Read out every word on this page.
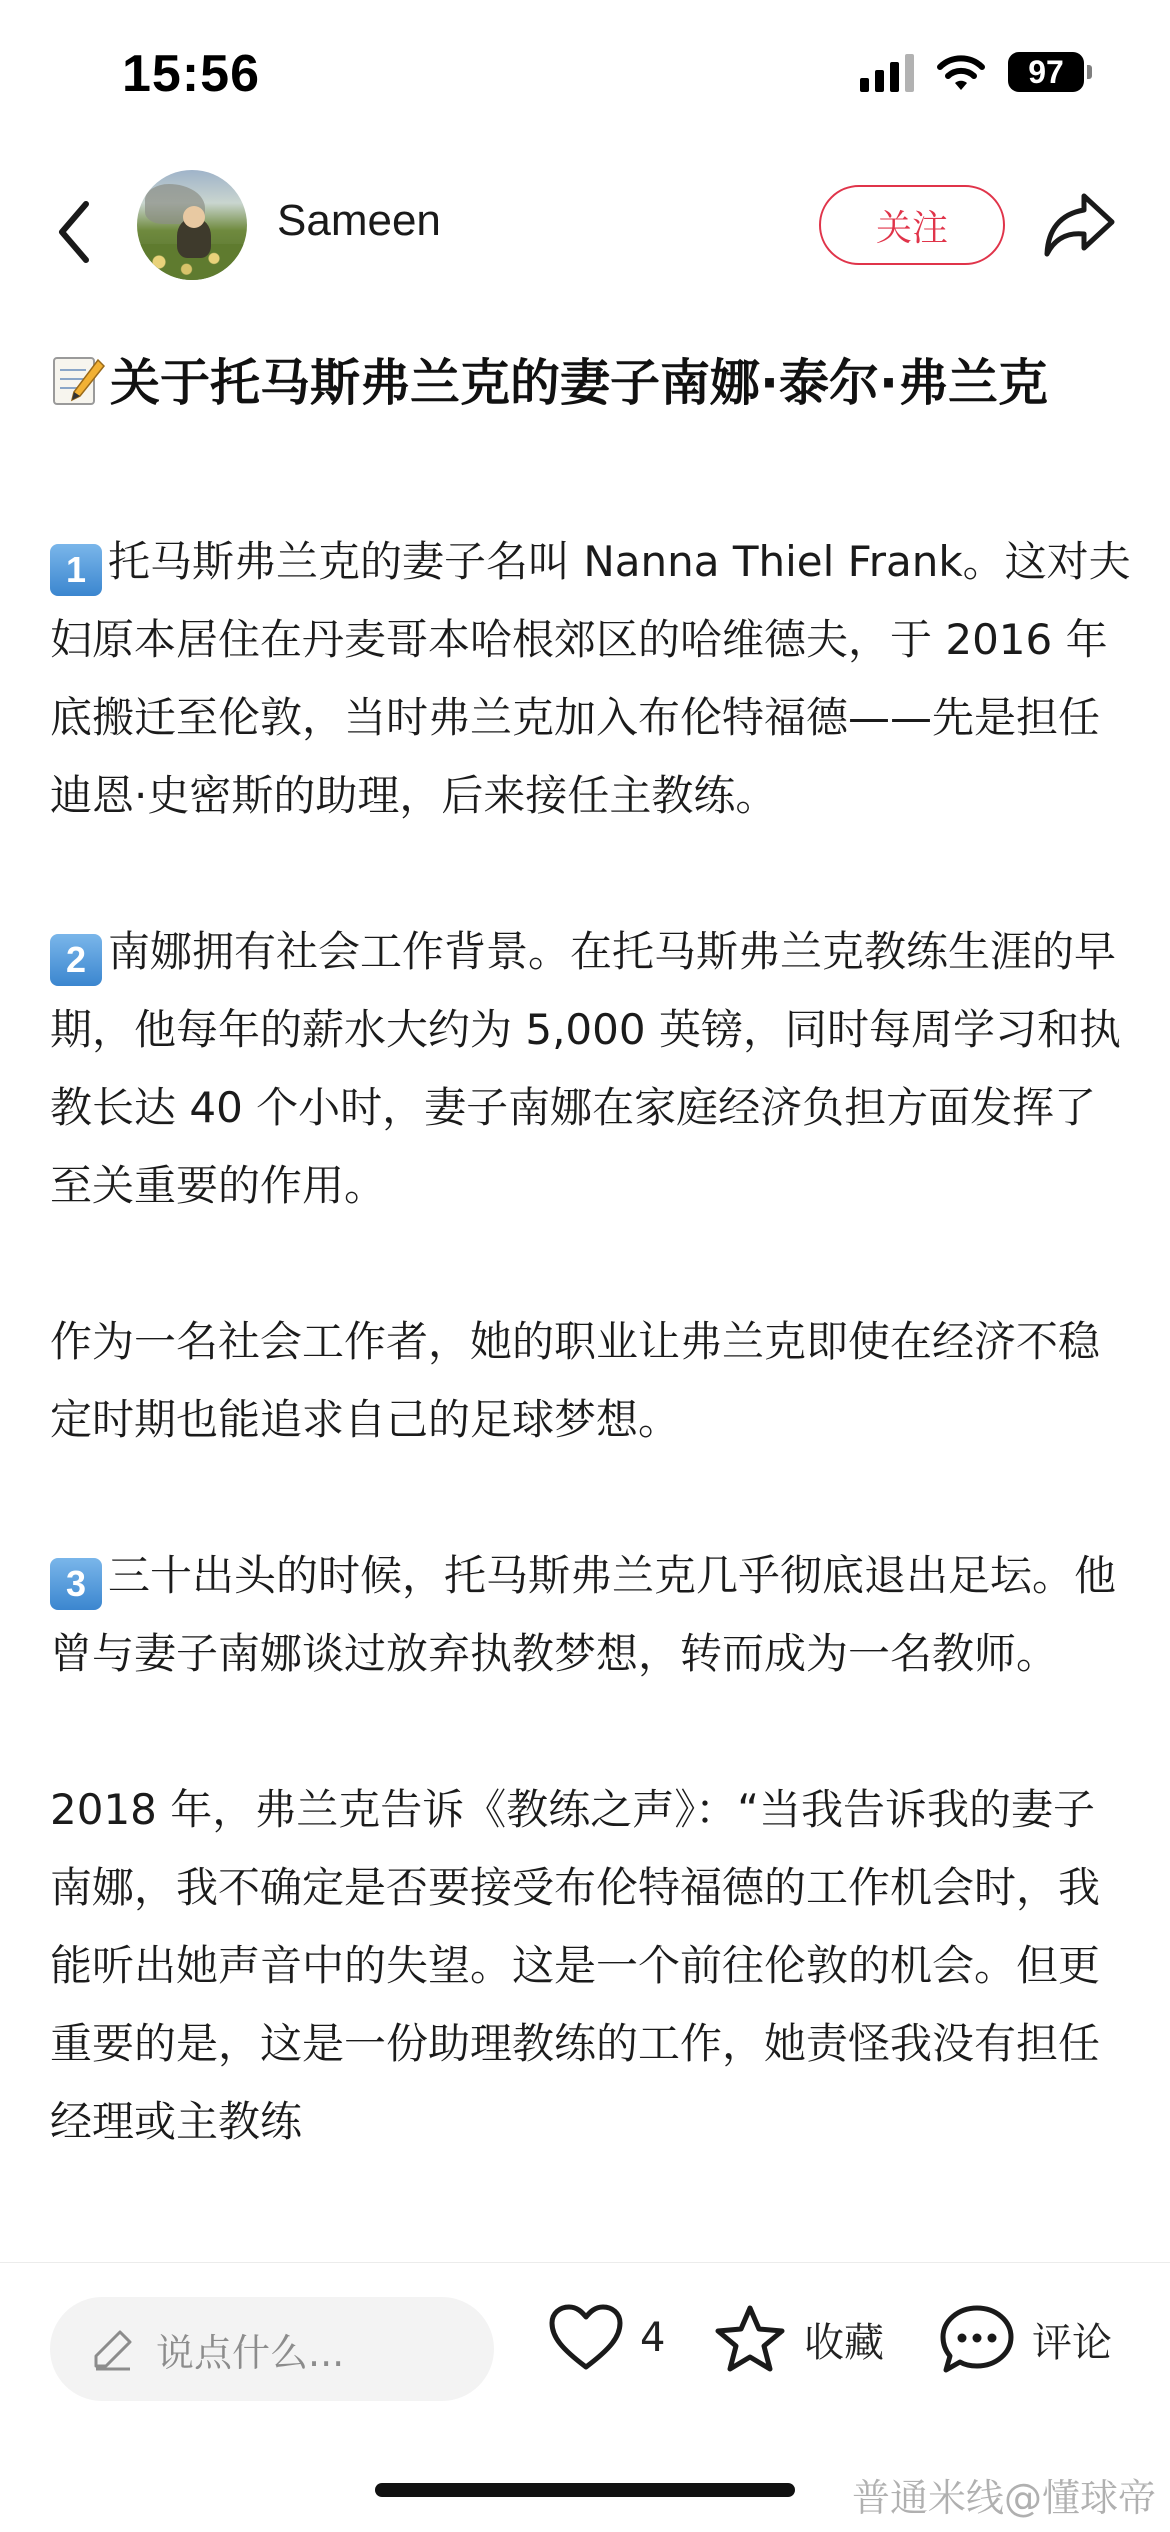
15:56	97
Sameen	关注
关于托马斯弗兰克的妻子南娜·泰尔·弗兰克

1 托马斯弗兰克的妻子名叫 Nanna Thiel Frank。这对夫妇原本居住在丹麦哥本哈根郊区的哈维德夫，于 2016 年底搬迁至伦敦，当时弗兰克加入布伦特福德——先是担任迪恩·史密斯的助理，后来接任主教练。

2 南娜拥有社会工作背景。在托马斯弗兰克教练生涯的早期，他每年的薪水大约为 5,000 英镑，同时每周学习和执教长达 40 个小时，妻子南娜在家庭经济负担方面发挥了至关重要的作用。

作为一名社会工作者，她的职业让弗兰克即使在经济不稳定时期也能追求自己的足球梦想。

3 三十出头的时候，托马斯弗兰克几乎彻底退出足坛。他曾与妻子南娜谈过放弃执教梦想，转而成为一名教师。

2018 年，弗兰克告诉《教练之声》：“当我告诉我的妻子南娜，我不确定是否要接受布伦特福德的工作机会时，我能听出她声音中的失望。这是一个前往伦敦的机会。但更重要的是，这是一份助理教练的工作，她责怪我没有担任经理或主教练

说点什么...	4	收藏	评论
普通米线@懂球帝
